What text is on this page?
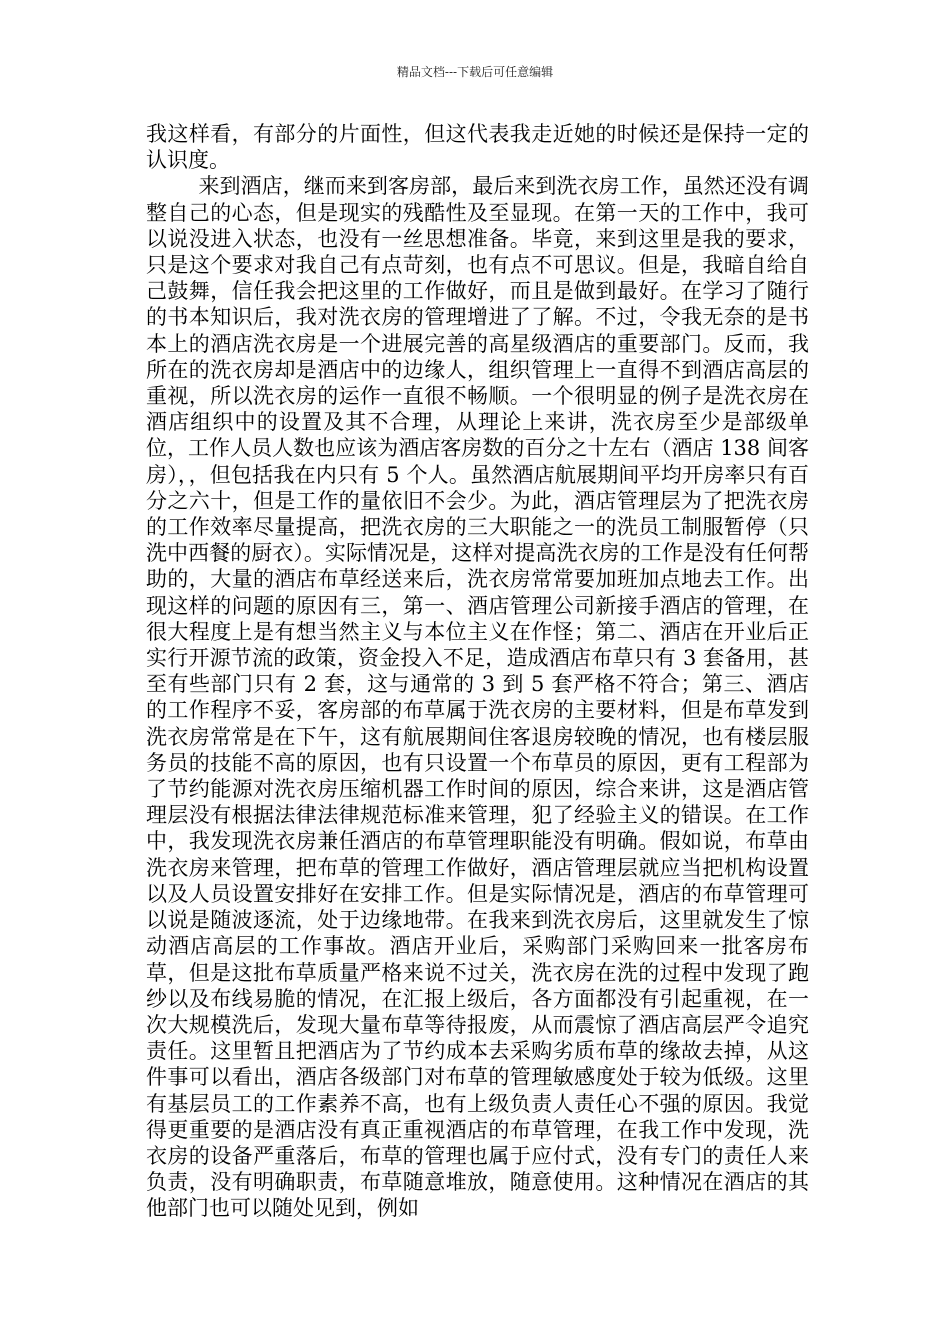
精品文档---下载后可任意编辑

我这样看，有部分的片面性，但这代表我走近她的时候还是保持一定的认识度。

来到酒店，继而来到客房部，最后来到洗衣房工作，虽然还没有调整自己的心态，但是现实的残酷性及至显现。在第一天的工作中，我可以说没进入状态，也没有一丝思想准备。毕竟，来到这里是我的要求，只是这个要求对我自己有点苛刻，也有点不可思议。但是，我暗自给自己鼓舞，信任我会把这里的工作做好，而且是做到最好。在学习了随行的书本知识后，我对洗衣房的管理增进了了解。不过，令我无奈的是书本上的酒店洗衣房是一个进展完善的高星级酒店的重要部门。反而，我所在的洗衣房却是酒店中的边缘人，组织管理上一直得不到酒店高层的重视，所以洗衣房的运作一直很不畅顺。一个很明显的例子是洗衣房在酒店组织中的设置及其不合理，从理论上来讲，洗衣房至少是部级单位，工作人员人数也应该为酒店客房数的百分之十左右（酒店 138 间客房），，但包括我在内只有 5 个人。虽然酒店航展期间平均开房率只有百分之六十，但是工作的量依旧不会少。为此，酒店管理层为了把洗衣房的工作效率尽量提高，把洗衣房的三大职能之一的洗员工制服暂停（只洗中西餐的厨衣）。实际情况是，这样对提高洗衣房的工作是没有任何帮助的，大量的酒店布草经送来后，洗衣房常常要加班加点地去工作。出现这样的问题的原因有三，第一、酒店管理公司新接手酒店的管理，在很大程度上是有想当然主义与本位主义在作怪；第二、酒店在开业后正实行开源节流的政策，资金投入不足，造成酒店布草只有 3 套备用，甚至有些部门只有 2 套，这与通常的 3 到 5 套严格不符合；第三、酒店的工作程序不妥，客房部的布草属于洗衣房的主要材料，但是布草发到洗衣房常常是在下午，这有航展期间住客退房较晚的情况，也有楼层服务员的技能不高的原因，也有只设置一个布草员的原因，更有工程部为了节约能源对洗衣房压缩机器工作时间的原因，综合来讲，这是酒店管理层没有根据法律法律规范标准来管理，犯了经验主义的错误。在工作中，我发现洗衣房兼任酒店的布草管理职能没有明确。假如说，布草由洗衣房来管理，把布草的管理工作做好，酒店管理层就应当把机构设置以及人员设置安排好在安排工作。但是实际情况是，酒店的布草管理可以说是随波逐流，处于边缘地带。在我来到洗衣房后，这里就发生了惊动酒店高层的工作事故。酒店开业后，采购部门采购回来一批客房布草，但是这批布草质量严格来说不过关，洗衣房在洗的过程中发现了跑纱以及布线易脆的情况，在汇报上级后，各方面都没有引起重视，在一次大规模洗后，发现大量布草等待报废，从而震惊了酒店高层严令追究责任。这里暂且把酒店为了节约成本去采购劣质布草的缘故去掉，从这件事可以看出，酒店各级部门对布草的管理敏感度处于较为低级。这里有基层员工的工作素养不高，也有上级负责人责任心不强的原因。我觉得更重要的是酒店没有真正重视酒店的布草管理，在我工作中发现，洗衣房的设备严重落后，布草的管理也属于应付式，没有专门的责任人来负责，没有明确职责，布草随意堆放，随意使用。这种情况在酒店的其他部门也可以随处见到，例如
